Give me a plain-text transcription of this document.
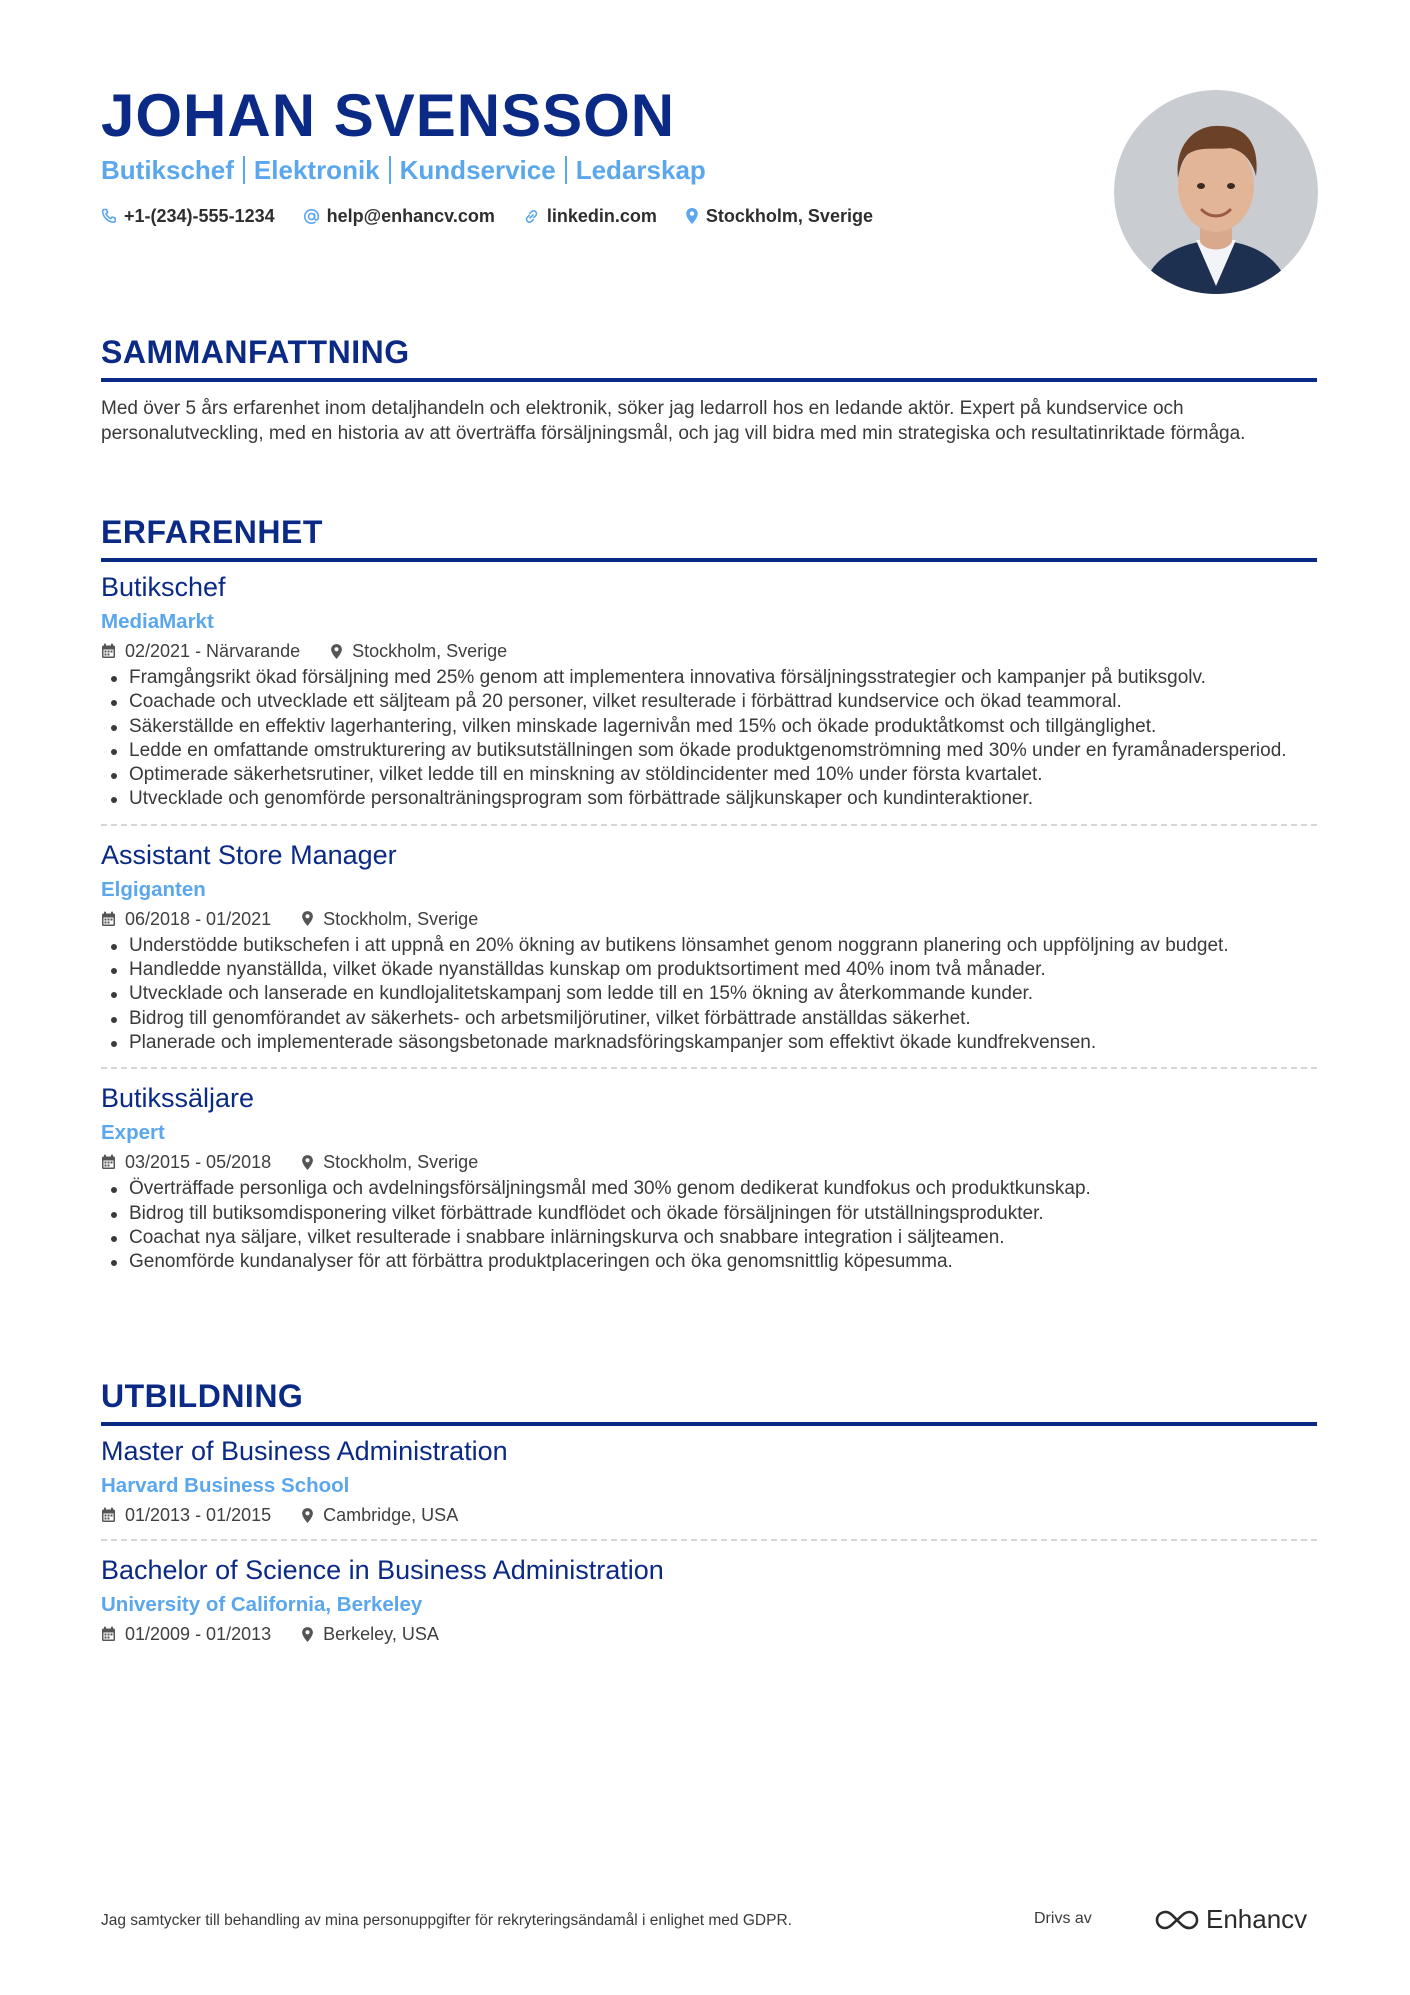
JOHAN SVENSSON
Butikschef Elektronik Kundservice Ledarskap
+1-(234)-555-1234	help@enhancv.com	linkedin.com	Stockholm, Sverige
SAMMANFATTNING

Med över 5 års erfarenhet inom detaljhandeln och elektronik, söker jag ledarroll hos en ledande aktör. Expert på kundservice och personalutveckling, med en historia av att överträffa försäljningsmål, och jag vill bidra med min strategiska och resultatinriktade förmåga.

ERFARENHET
Butikschef
MediaMarkt
02/2021 - Närvarande	Stockholm, Sverige
Framgångsrikt ökad försäljning med 25% genom att implementera innovativa försäljningsstrategier och kampanjer på butiksgolv.
Coachade och utvecklade ett säljteam på 20 personer, vilket resulterade i förbättrad kundservice och ökad teammoral.
Säkerställde en effektiv lagerhantering, vilken minskade lagernivån med 15% och ökade produktåtkomst och tillgänglighet.
Ledde en omfattande omstrukturering av butiksutställningen som ökade produktgenomströmning med 30% under en fyramånadersperiod.
Optimerade säkerhetsrutiner, vilket ledde till en minskning av stöldincidenter med 10% under första kvartalet.
Utvecklade och genomförde personalträningsprogram som förbättrade säljkunskaper och kundinteraktioner.
Assistant Store Manager
Elgiganten
06/2018 - 01/2021	Stockholm, Sverige
Understödde butikschefen i att uppnå en 20% ökning av butikens lönsamhet genom noggrann planering och uppföljning av budget.
Handledde nyanställda, vilket ökade nyanställdas kunskap om produktsortiment med 40% inom två månader.
Utvecklade och lanserade en kundlojalitetskampanj som ledde till en 15% ökning av återkommande kunder.
Bidrog till genomförandet av säkerhets- och arbetsmiljörutiner, vilket förbättrade anställdas säkerhet.
Planerade och implementerade säsongsbetonade marknadsföringskampanjer som effektivt ökade kundfrekvensen.
Butikssäljare
Expert
03/2015 - 05/2018	Stockholm, Sverige
Överträffade personliga och avdelningsförsäljningsmål med 30% genom dedikerat kundfokus och produktkunskap.
Bidrog till butiksomdisponering vilket förbättrade kundflödet och ökade försäljningen för utställningsprodukter.
Coachat nya säljare, vilket resulterade i snabbare inlärningskurva och snabbare integration i säljteamen.
Genomförde kundanalyser för att förbättra produktplaceringen och öka genomsnittlig köpesumma.
UTBILDNING
Master of Business Administration
Harvard Business School
01/2013 - 01/2015	Cambridge, USA
Bachelor of Science in Business Administration
University of California, Berkeley
01/2009 - 01/2013	Berkeley, USA
Jag samtycker till behandling av mina personuppgifter för rekryteringsändamål i enlighet med GDPR.	Drivs av	Enhancv
